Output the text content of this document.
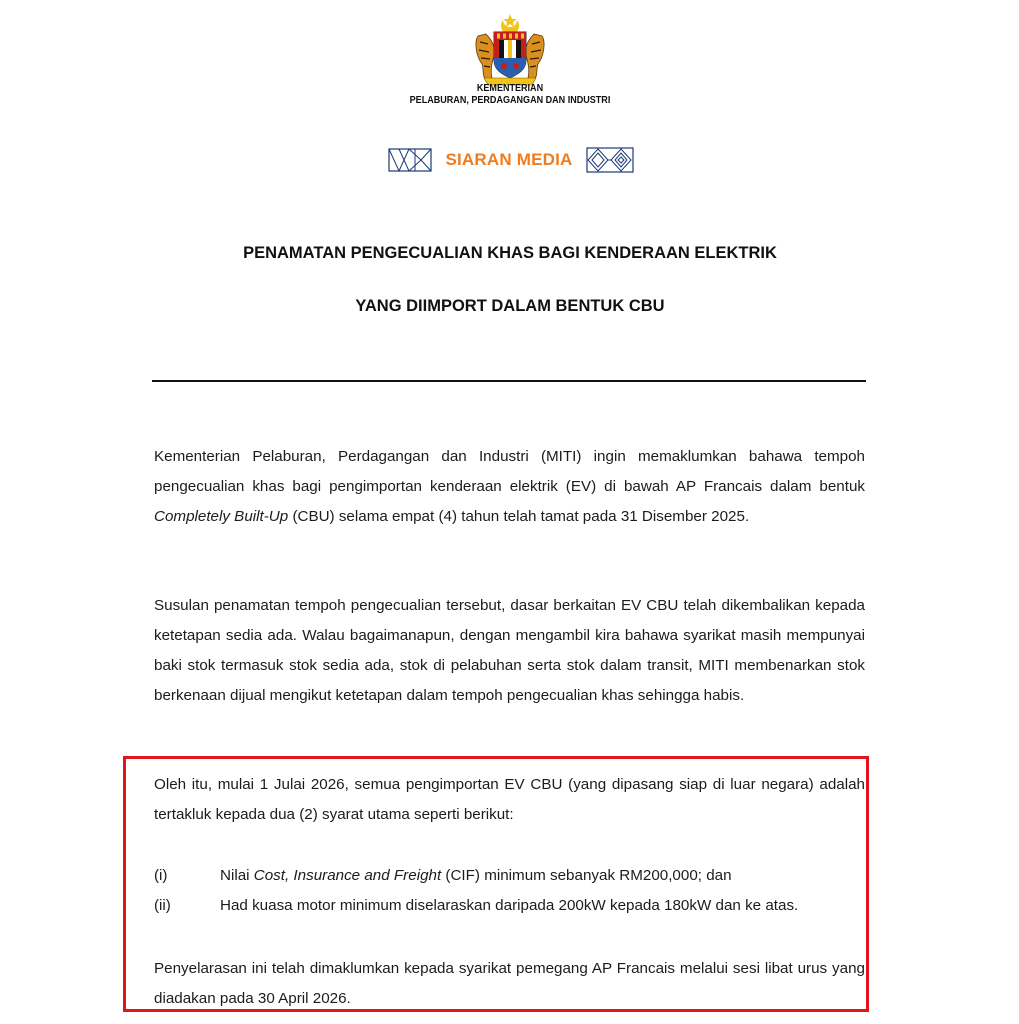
KEMENTERIAN
PELABURAN, PERDAGANGAN DAN INDUSTRI
SIARAN MEDIA
PENAMATAN PENGECUALIAN KHAS BAGI KENDERAAN ELEKTRIK
YANG DIIMPORT DALAM BENTUK CBU
Kementerian Pelaburan, Perdagangan dan Industri (MITI) ingin memaklumkan bahawa tempoh pengecualian khas bagi pengimportan kenderaan elektrik (EV) di bawah AP Francais dalam bentuk Completely Built-Up (CBU) selama empat (4) tahun telah tamat pada 31 Disember 2025.
Susulan penamatan tempoh pengecualian tersebut, dasar berkaitan EV CBU telah dikembalikan kepada ketetapan sedia ada. Walau bagaimanapun, dengan mengambil kira bahawa syarikat masih mempunyai baki stok termasuk stok sedia ada, stok di pelabuhan serta stok dalam transit, MITI membenarkan stok berkenaan dijual mengikut ketetapan dalam tempoh pengecualian khas sehingga habis.
Oleh itu, mulai 1 Julai 2026, semua pengimportan EV CBU (yang dipasang siap di luar negara) adalah tertakluk kepada dua (2) syarat utama seperti berikut:
(i)	Nilai Cost, Insurance and Freight (CIF) minimum sebanyak RM200,000; dan
(ii)	Had kuasa motor minimum diselaraskan daripada 200kW kepada 180kW dan ke atas.
Penyelarasan ini telah dimaklumkan kepada syarikat pemegang AP Francais melalui sesi libat urus yang diadakan pada 30 April 2026.
